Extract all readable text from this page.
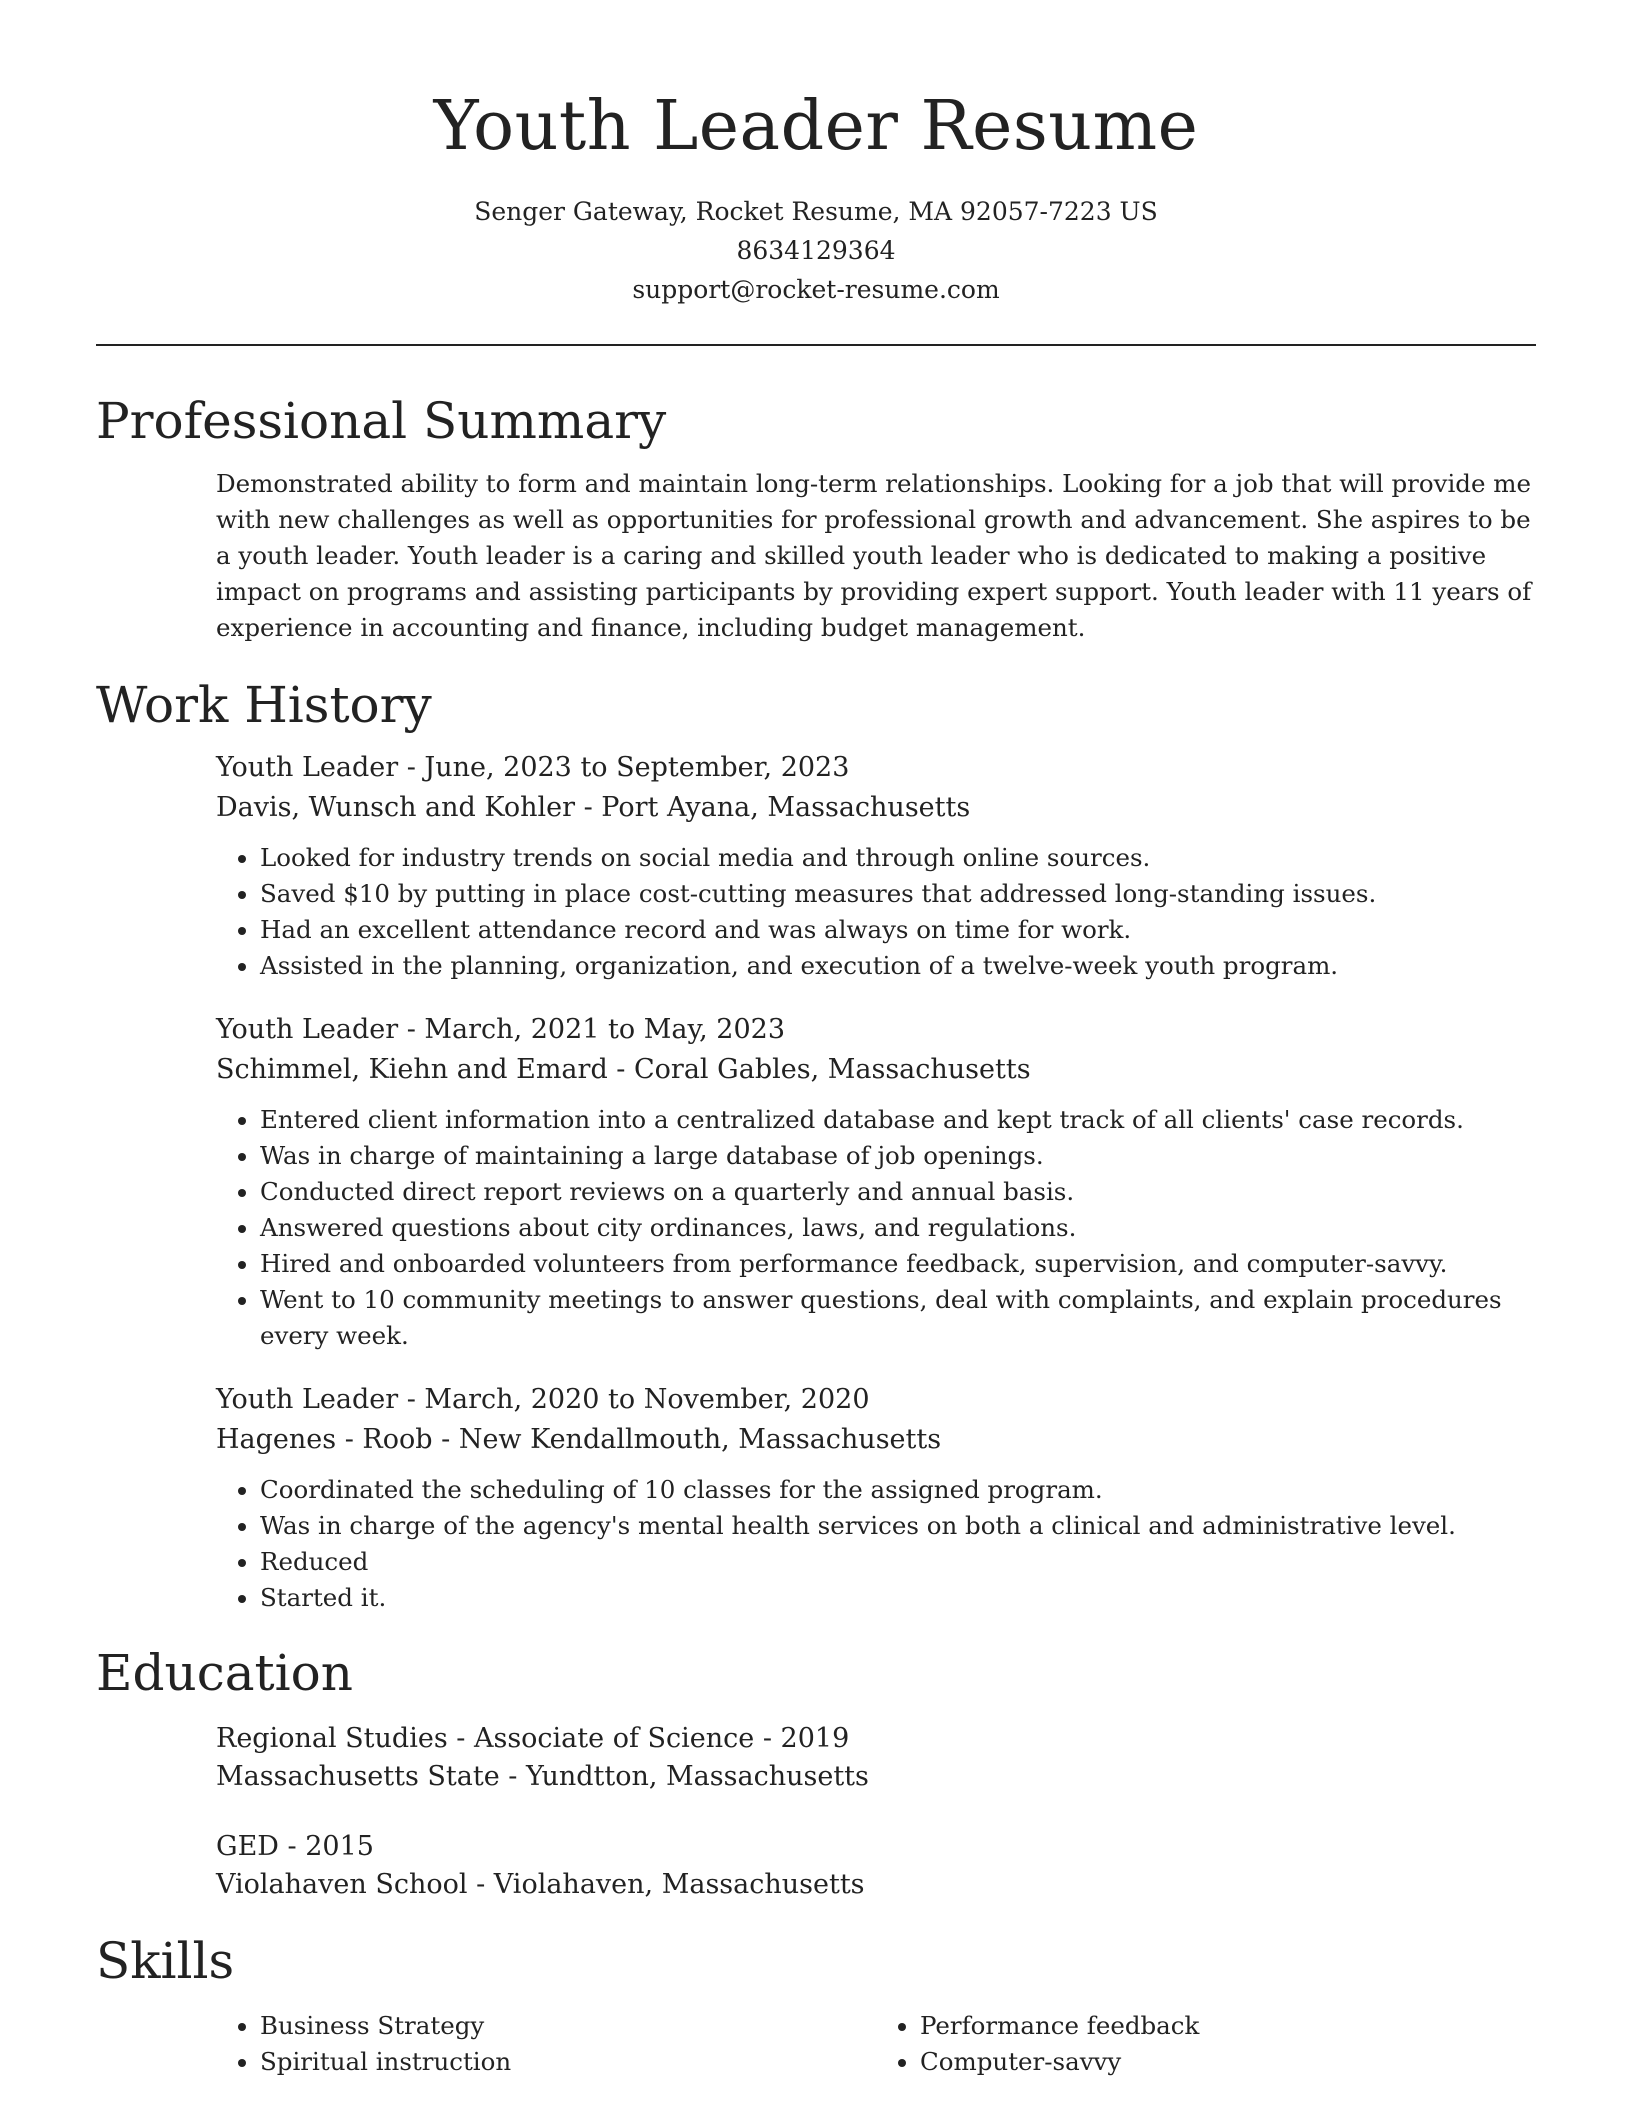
Youth Leader Resume
Senger Gateway, Rocket Resume, MA 92057-7223 US
8634129364
support@rocket-resume.com
Professional Summary

Demonstrated ability to form and maintain long-term relationships. Looking for a job that will provide me with new challenges as well as opportunities for professional growth and advancement. She aspires to be a youth leader. Youth leader is a caring and skilled youth leader who is dedicated to making a positive impact on programs and assisting participants by providing expert support. Youth leader with 11 years of experience in accounting and finance, including budget management.

Work History

Youth Leader - June, 2023 to September, 2023

Davis, Wunsch and Kohler - Port Ayana, Massachusetts

• Looked for industry trends on social media and through online sources.
• Saved $10 by putting in place cost-cutting measures that addressed long-standing issues.
• Had an excellent attendance record and was always on time for work.
• Assisted in the planning, organization, and execution of a twelve-week youth program.

Youth Leader - March, 2021 to May, 2023

Schimmel, Kiehn and Emard - Coral Gables, Massachusetts

• Entered client information into a centralized database and kept track of all clients' case records.
• Was in charge of maintaining a large database of job openings.
• Conducted direct report reviews on a quarterly and annual basis.
• Answered questions about city ordinances, laws, and regulations.
• Hired and onboarded volunteers from performance feedback, supervision, and computer-savvy.
• Went to 10 community meetings to answer questions, deal with complaints, and explain procedures every week.

Youth Leader - March, 2020 to November, 2020

Hagenes - Roob - New Kendallmouth, Massachusetts

• Coordinated the scheduling of 10 classes for the assigned program.
• Was in charge of the agency's mental health services on both a clinical and administrative level.
• Reduced
• Started it.
Education

Regional Studies - Associate of Science - 2019

Massachusetts State - Yundtton, Massachusetts

GED - 2015

Violahaven School - Violahaven, Massachusetts

Skills
• Business Strategy
• Spiritual instruction
• Performance feedback
• Computer-savvy
